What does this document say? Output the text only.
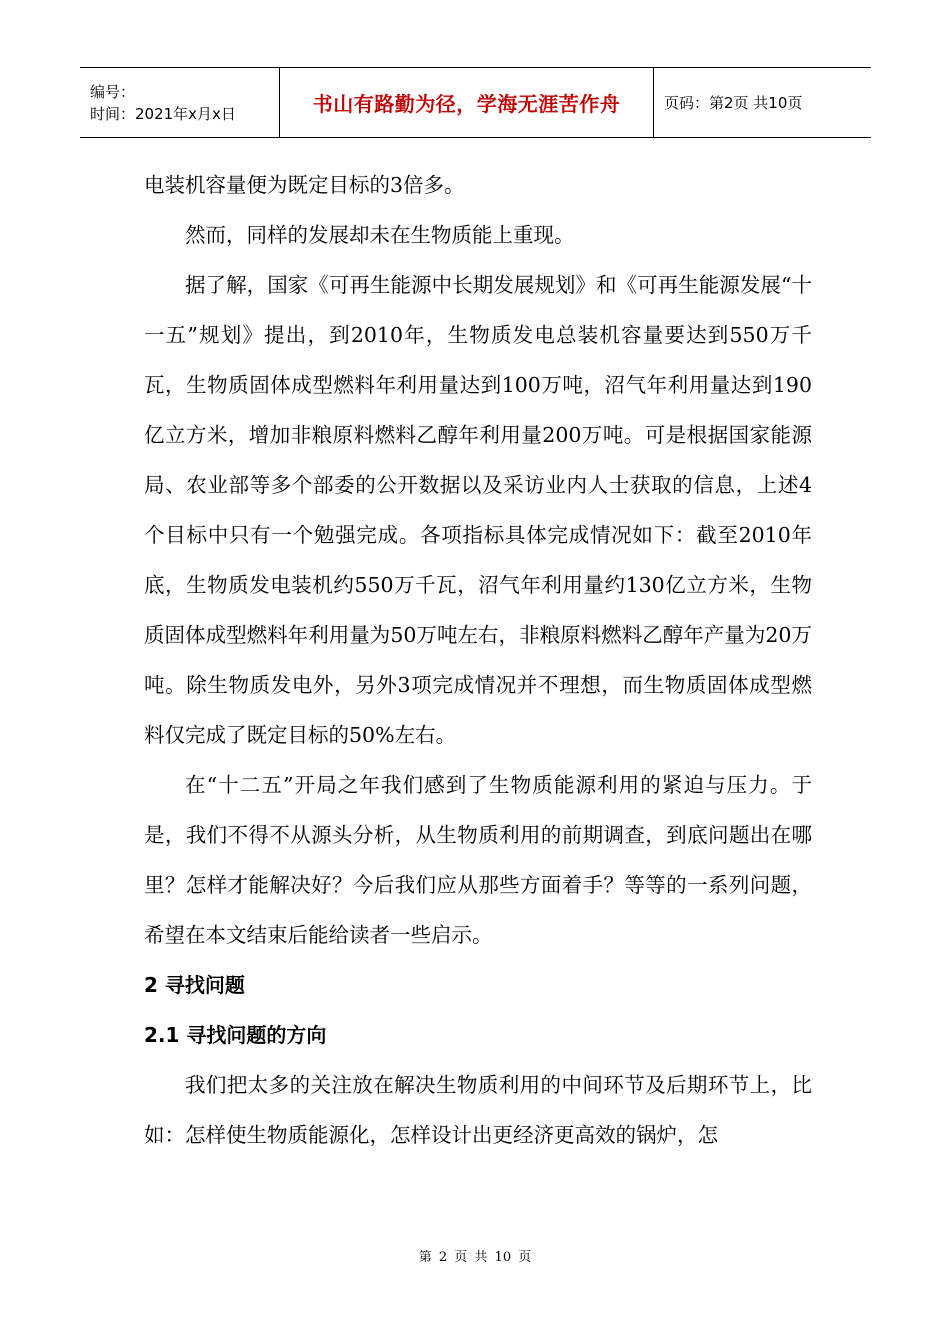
编号：
时间：2021年x月x日	书山有路勤为径，学海无涯苦作舟	页码：第2页 共10页

电装机容量便为既定目标的3倍多。

然而，同样的发展却未在生物质能上重现。

据了解，国家《可再生能源中长期发展规划》和《可再生能源发展“十一五”规划》提出，到2010年，生物质发电总装机容量要达到550万千瓦，生物质固体成型燃料年利用量达到100万吨，沼气年利用量达到190亿立方米，增加非粮原料燃料乙醇年利用量200万吨。可是根据国家能源局、农业部等多个部委的公开数据以及采访业内人士获取的信息，上述4个目标中只有一个勉强完成。各项指标具体完成情况如下：截至2010年底，生物质发电装机约550万千瓦，沼气年利用量约130亿立方米，生物质固体成型燃料年利用量为50万吨左右，非粮原料燃料乙醇年产量为20万吨。除生物质发电外，另外3项完成情况并不理想，而生物质固体成型燃料仅完成了既定目标的50%左右。

在“十二五”开局之年我们感到了生物质能源利用的紧迫与压力。于是，我们不得不从源头分析，从生物质利用的前期调查，到底问题出在哪里？怎样才能解决好？今后我们应从那些方面着手？等等的一系列问题，希望在本文结束后能给读者一些启示。

2 寻找问题

2.1 寻找问题的方向

我们把太多的关注放在解决生物质利用的中间环节及后期环节上，比如：怎样使生物质能源化，怎样设计出更经济更高效的锅炉，怎

第 2 页 共 10 页
